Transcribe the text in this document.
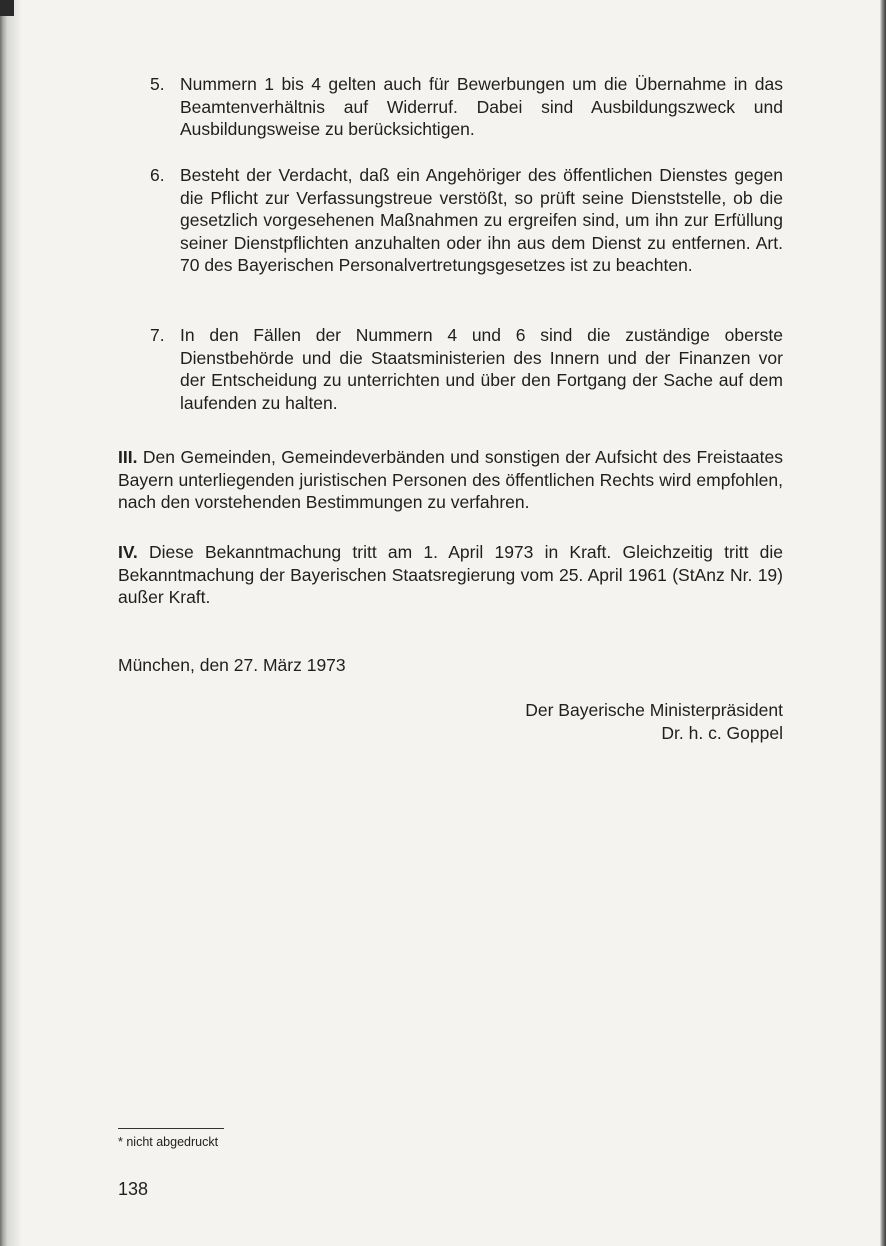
5. Nummern 1 bis 4 gelten auch für Bewerbungen um die Übernahme in das Beamtenverhältnis auf Widerruf. Dabei sind Ausbildungszweck und Ausbildungsweise zu berücksichtigen.
6. Besteht der Verdacht, daß ein Angehöriger des öffentlichen Dienstes gegen die Pflicht zur Verfassungstreue verstößt, so prüft seine Dienststelle, ob die gesetzlich vorgesehenen Maßnahmen zu ergreifen sind, um ihn zur Erfüllung seiner Dienstpflichten anzuhalten oder ihn aus dem Dienst zu entfernen. Art. 70 des Bayerischen Personalvertretungsgesetzes ist zu beachten.
7. In den Fällen der Nummern 4 und 6 sind die zuständige oberste Dienstbehörde und die Staatsministerien des Innern und der Finanzen vor der Entscheidung zu unterrichten und über den Fortgang der Sache auf dem laufenden zu halten.
III. Den Gemeinden, Gemeindeverbänden und sonstigen der Aufsicht des Freistaates Bayern unterliegenden juristischen Personen des öffentlichen Rechts wird empfohlen, nach den vorstehenden Bestimmungen zu verfahren.
IV. Diese Bekanntmachung tritt am 1. April 1973 in Kraft. Gleichzeitig tritt die Bekanntmachung der Bayerischen Staatsregierung vom 25. April 1961 (StAnz Nr. 19) außer Kraft.
München, den 27. März 1973
Der Bayerische Ministerpräsident
Dr. h. c. Goppel
* nicht abgedruckt
138
